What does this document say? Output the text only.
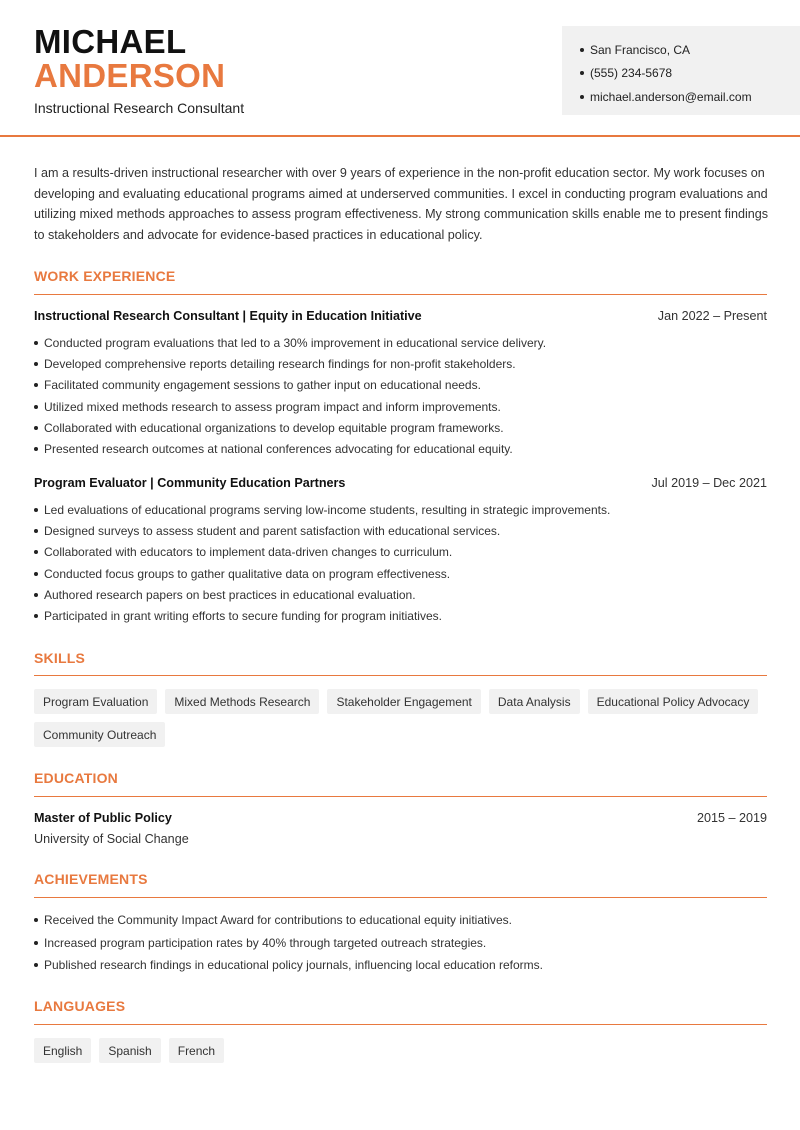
MICHAEL
ANDERSON
Instructional Research Consultant
San Francisco, CA
(555) 234-5678
michael.anderson@email.com
I am a results-driven instructional researcher with over 9 years of experience in the non-profit education sector. My work focuses on developing and evaluating educational programs aimed at underserved communities. I excel in conducting program evaluations and utilizing mixed methods approaches to assess program effectiveness. My strong communication skills enable me to present findings to stakeholders and advocate for evidence-based practices in educational policy.
WORK EXPERIENCE
Instructional Research Consultant | Equity in Education Initiative	Jan 2022 – Present
Conducted program evaluations that led to a 30% improvement in educational service delivery.
Developed comprehensive reports detailing research findings for non-profit stakeholders.
Facilitated community engagement sessions to gather input on educational needs.
Utilized mixed methods research to assess program impact and inform improvements.
Collaborated with educational organizations to develop equitable program frameworks.
Presented research outcomes at national conferences advocating for educational equity.
Program Evaluator | Community Education Partners	Jul 2019 – Dec 2021
Led evaluations of educational programs serving low-income students, resulting in strategic improvements.
Designed surveys to assess student and parent satisfaction with educational services.
Collaborated with educators to implement data-driven changes to curriculum.
Conducted focus groups to gather qualitative data on program effectiveness.
Authored research papers on best practices in educational evaluation.
Participated in grant writing efforts to secure funding for program initiatives.
SKILLS
Program Evaluation	Mixed Methods Research	Stakeholder Engagement	Data Analysis	Educational Policy Advocacy
Community Outreach
EDUCATION
Master of Public Policy	2015 – 2019
University of Social Change
ACHIEVEMENTS
Received the Community Impact Award for contributions to educational equity initiatives.
Increased program participation rates by 40% through targeted outreach strategies.
Published research findings in educational policy journals, influencing local education reforms.
LANGUAGES
English	Spanish	French
